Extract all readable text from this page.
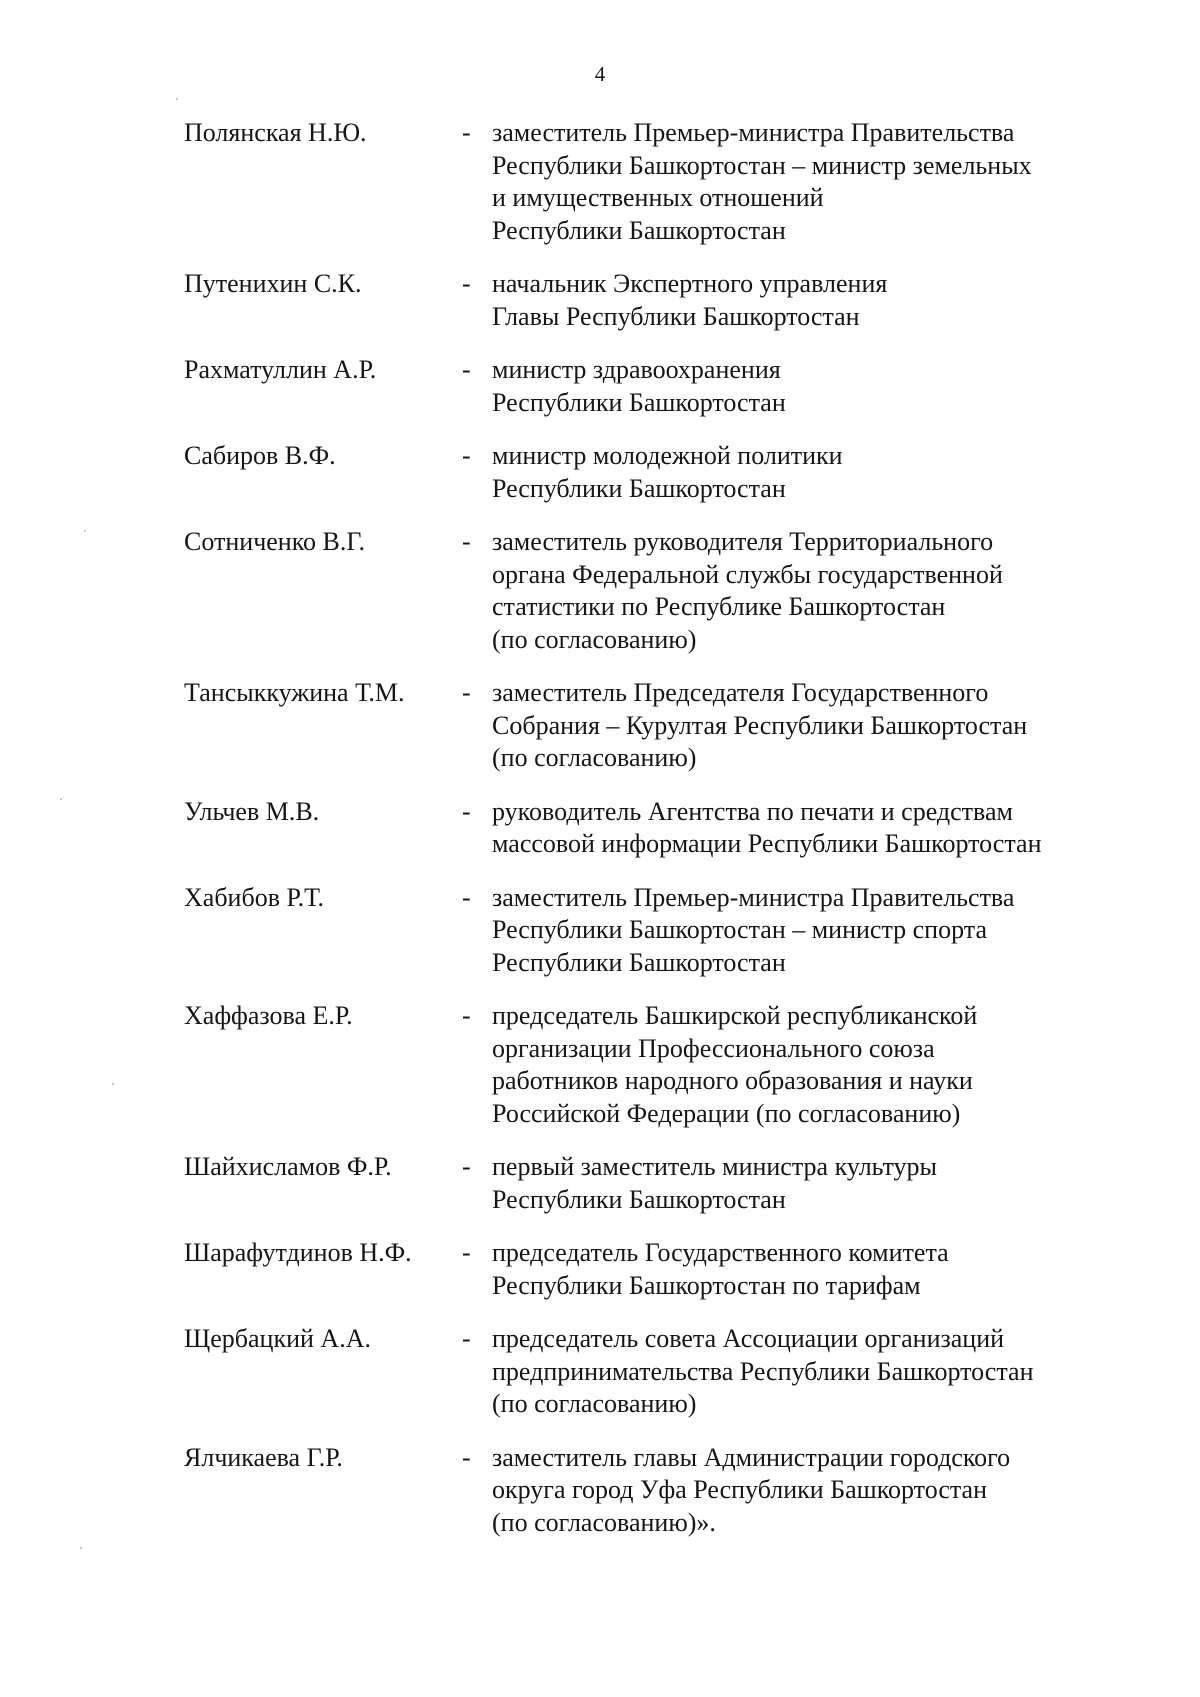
4
Полянская Н.Ю.	- заместитель Премьер-министра Правительства
Республики Башкортостан – министр земельных
и имущественных отношений
Республики Башкортостан
Путенихин С.К.	- начальник Экспертного управления
Главы Республики Башкортостан
Рахматуллин А.Р.	- министр здравоохранения
Республики Башкортостан
Сабиров В.Ф.	- министр молодежной политики
Республики Башкортостан
Сотниченко В.Г.	- заместитель руководителя Территориального
органа Федеральной службы государственной
статистики по Республике Башкортостан
(по согласованию)
Тансыккужина Т.М. - заместитель Председателя Государственного
Собрания – Курултая Республики Башкортостан
(по согласованию)
Ульчев М.В.	- руководитель Агентства по печати и средствам
массовой информации Республики Башкортостан
Хабибов Р.Т.	- заместитель Премьер-министра Правительства
Республики Башкортостан – министр спорта
Республики Башкортостан
Хаффазова Е.Р.	- председатель Башкирской республиканской
организации Профессионального союза
работников народного образования и науки
Российской Федерации (по согласованию)
Шайхисламов Ф.Р.	- первый заместитель министра культуры
Республики Башкортостан
Шарафутдинов Н.Ф. - председатель Государственного комитета
Республики Башкортостан по тарифам
Щербацкий А.А.	- председатель совета Ассоциации организаций
предпринимательства Республики Башкортостан
(по согласованию)
Ялчикаева Г.Р.	- заместитель главы Администрации городского
округа город Уфа Республики Башкортостан
(по согласованию)».
